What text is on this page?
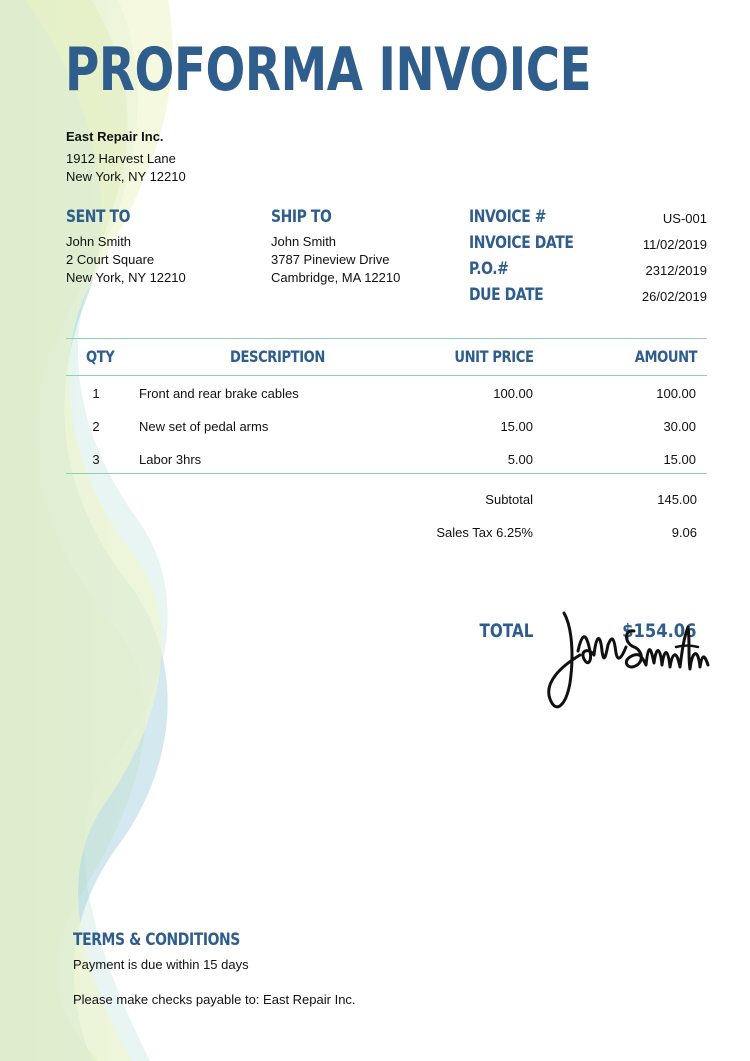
PROFORMA INVOICE
East Repair Inc.
1912 Harvest Lane
New York, NY 12210
SENT TO
John Smith
2 Court Square
New York, NY 12210
SHIP TO
John Smith
3787 Pineview Drive
Cambridge, MA 12210
INVOICE #	US-001
INVOICE DATE	11/02/2019
P.O.#	2312/2019
DUE DATE	26/02/2019
QTY	DESCRIPTION	UNIT PRICE	AMOUNT
1	Front and rear brake cables	100.00	100.00
2	New set of pedal arms	15.00	30.00
3	Labor 3hrs	5.00	15.00
Subtotal	145.00
Sales Tax 6.25%	9.06
TOTAL	$154.06
TERMS & CONDITIONS
Payment is due within 15 days
Please make checks payable to: East Repair Inc.
